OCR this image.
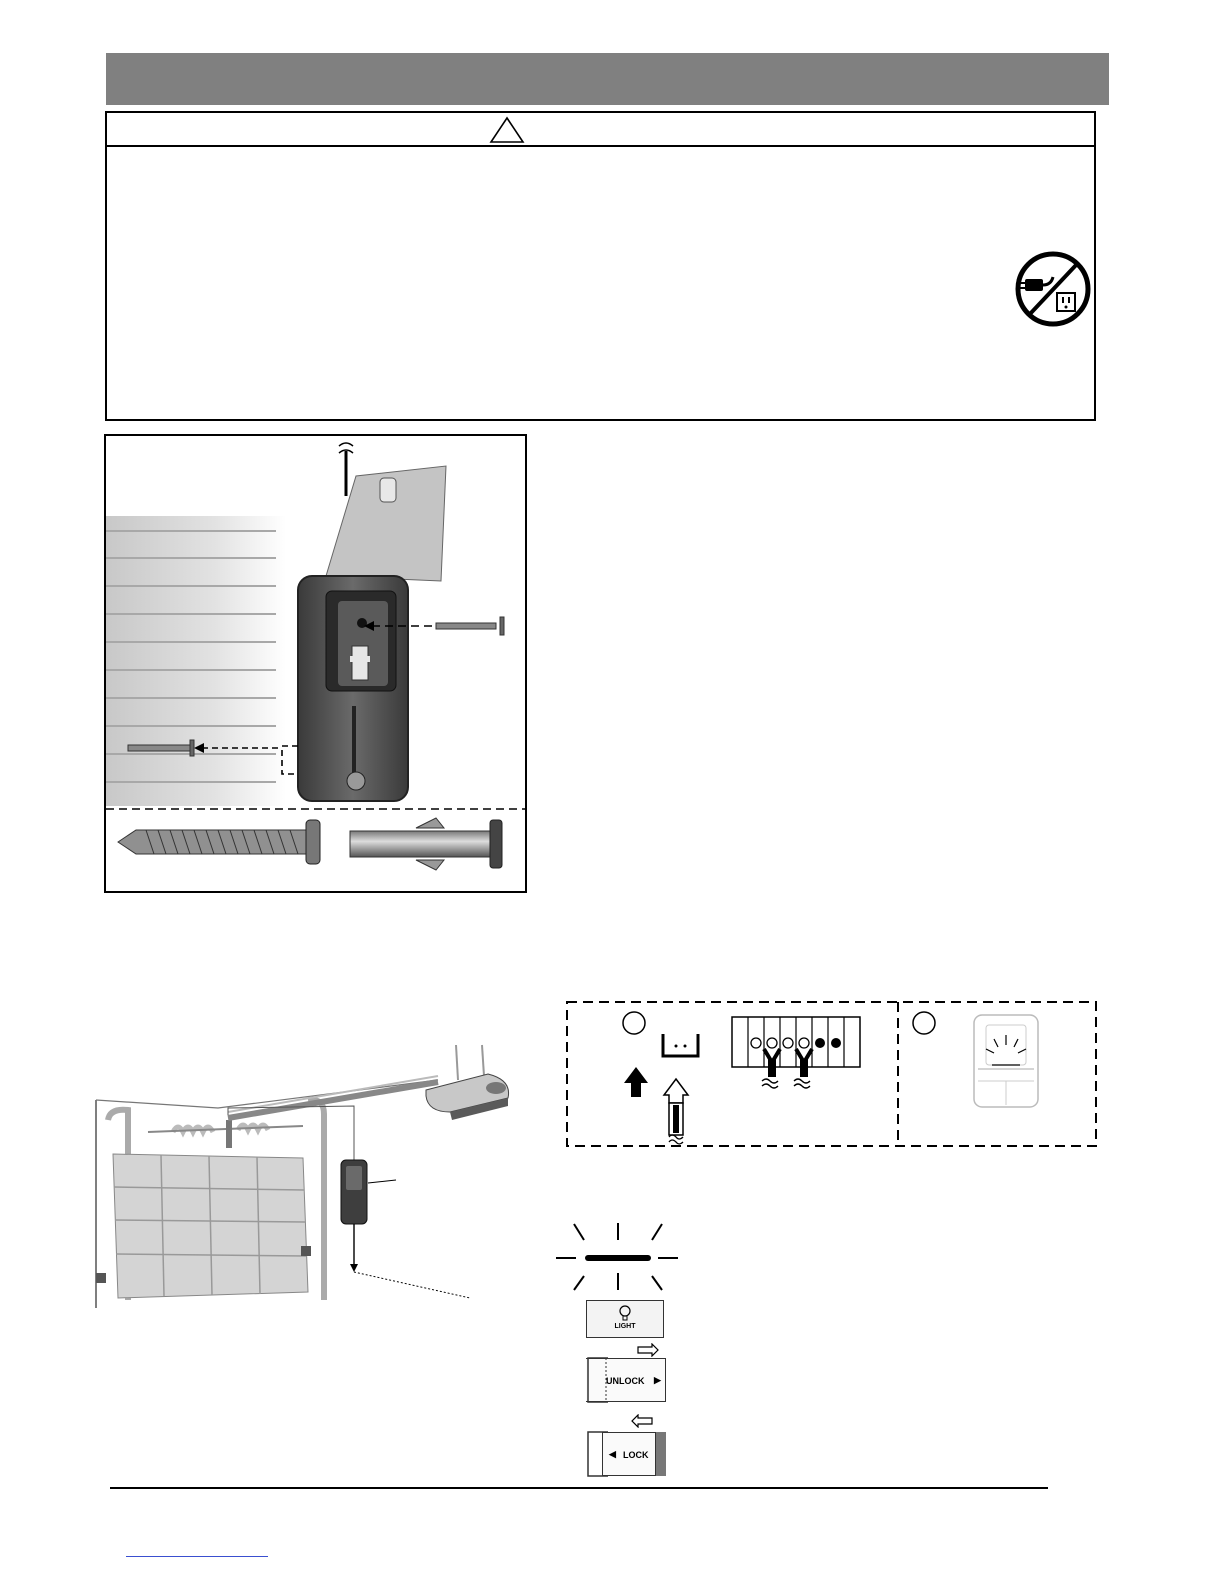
LIGHT
UNLOCK ▶
◀ LOCK
